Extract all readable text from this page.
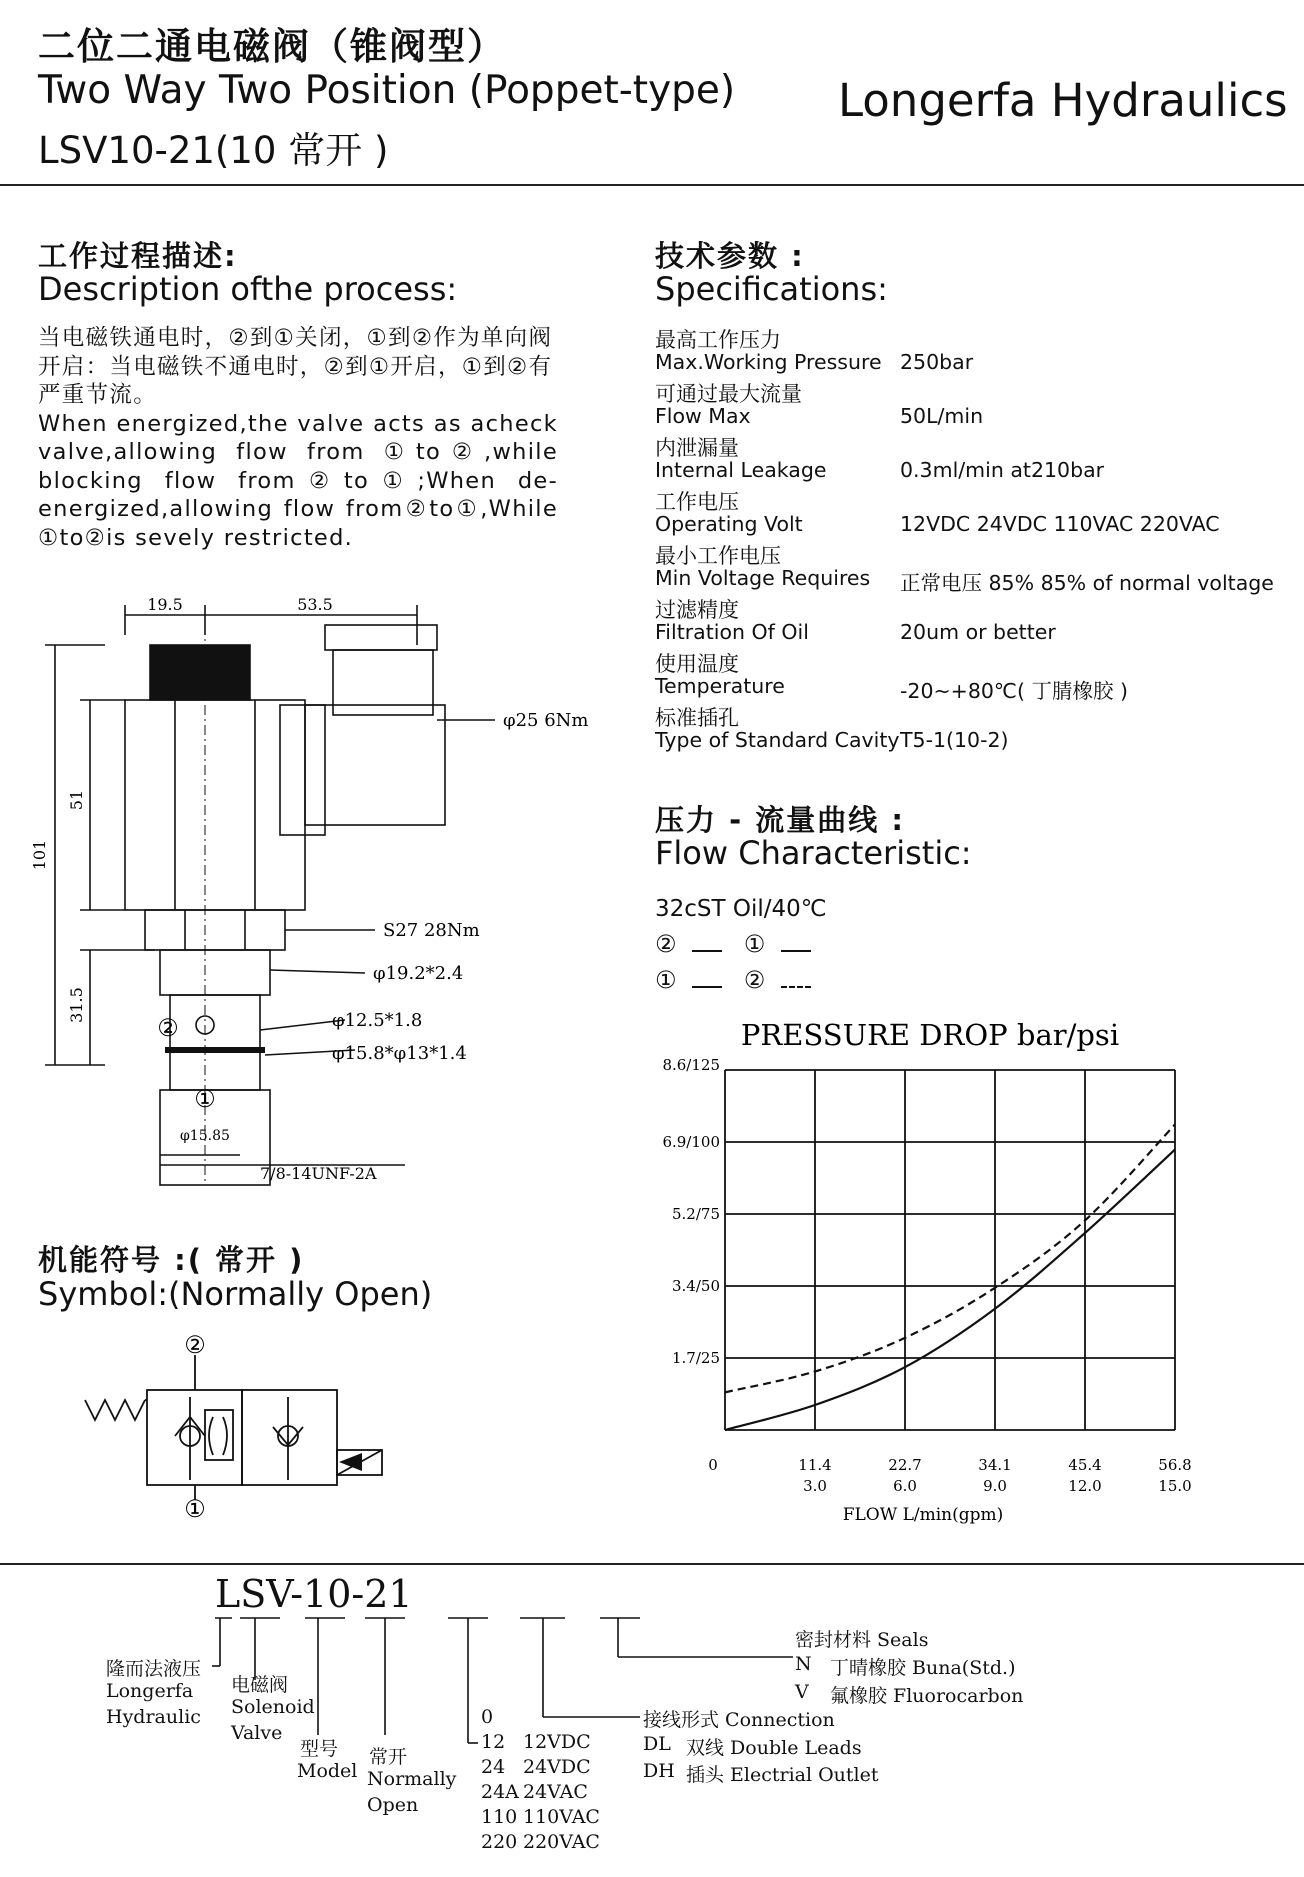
二位二通电磁阀（锥阀型）
Two Way Two Position (Poppet-type)
LSV10-21(10 常开 )
Longerfa Hydraulics
工作过程描述:
Description ofthe process:

当电磁铁通电时，②到①关闭，①到②作为单向阀开启：当电磁铁不通电时，②到①开启，①到②有严重节流。

When energized,the valve acts as acheck valve,allowing flow from ①to②,while blocking flow from②to①;When de-energized,allowing flow from②to①,While ①to②is sevely restricted.

技术参数 :
Specifications:
最高工作压力
Max.Working Pressure 250bar
可通过最大流量
Flow Max	50L/min
内泄漏量
Internal Leakage	0.3ml/min at210bar
工作电压
Operating Volt	12VDC 24VDC 110VAC 220VAC
最小工作电压
Min Voltage Requires 正常电压 85% 85% of normal voltage
过滤精度
Filtration Of Oil	20um or better
使用温度
Temperature	-20~+80℃( 丁腈橡胶 )
标准插孔
Type of Standard Cavity T5-1(10-2)
压力 - 流量曲线 :
Flow Characteristic:
32cST Oil/40℃
②	①
①	②
PRESSURE DROP bar/psi
1.7/25
3.4/50
5.2/75
6.9/100
8.6/125
0	11.4
3.0
22.7
6.0
34.1
9.0
45.4
12.0
56.8
15.0
FLOW L/min(gpm)
19.5	53.5
101
51
31.5
φ25 6Nm
S27 28Nm
φ19.2*2.4
φ12.5*1.8
φ15.8*φ13*1.4
φ15.85
7/8-14UNF-2A
②
①
机能符号 :( 常开 )
Symbol:(Normally Open)
②
①
LSV-10-21
隆而法液压
Longerfa
Hydraulic
电磁阀
Solenoid
Valve
型号
Model
常开
Normally
Open
0
12 12VDC
24 24VDC
24A 24VAC
110 110VAC
220 220VAC
接线形式 Connection
DL 双线 Double Leads
DH 插头 Electrial Outlet
密封材料 Seals
N 丁晴橡胶 Buna(Std.)
V 氟橡胶 Fluorocarbon
